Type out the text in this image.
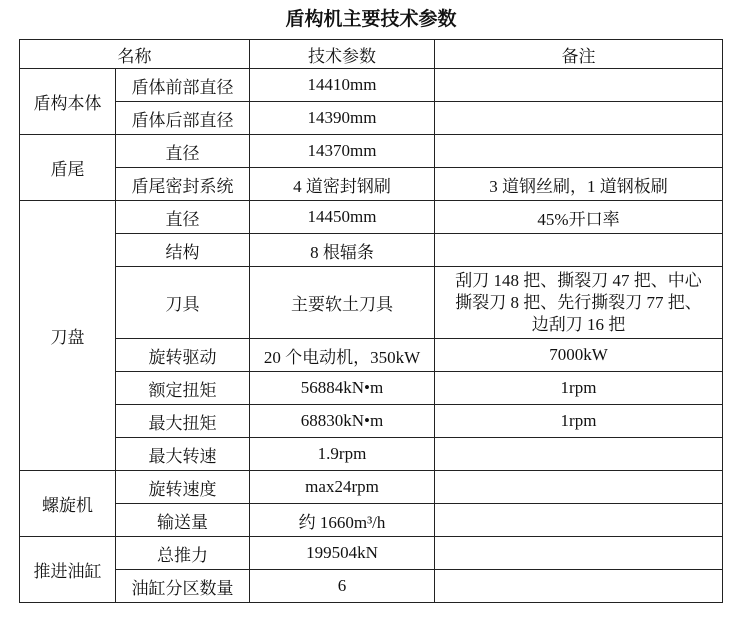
盾构机主要技术参数
名称		技术参数	备注
盾构本体	盾体前部直径	14410mm	
	盾体后部直径	14390mm	
盾尾	直径	14370mm	
	盾尾密封系统	4 道密封钢刷	3 道钢丝刷，1 道钢板刷
刀盘	直径	14450mm	45%开口率
	结构	8 根辐条	
	刀具	主要软土刀具	刮刀 148 把、撕裂刀 47 把、中心
撕裂刀 8 把、先行撕裂刀 77 把、
边刮刀 16 把

	旋转驱动	20 个电动机，350kW	7000kW
	额定扭矩	56884kN•m	1rpm
	最大扭矩	68830kN•m	1rpm
	最大转速	1.9rpm	
螺旋机	旋转速度	max24rpm	
	输送量	约 1660m³/h	
推进油缸	总推力	199504kN	
	油缸分区数量	6	
